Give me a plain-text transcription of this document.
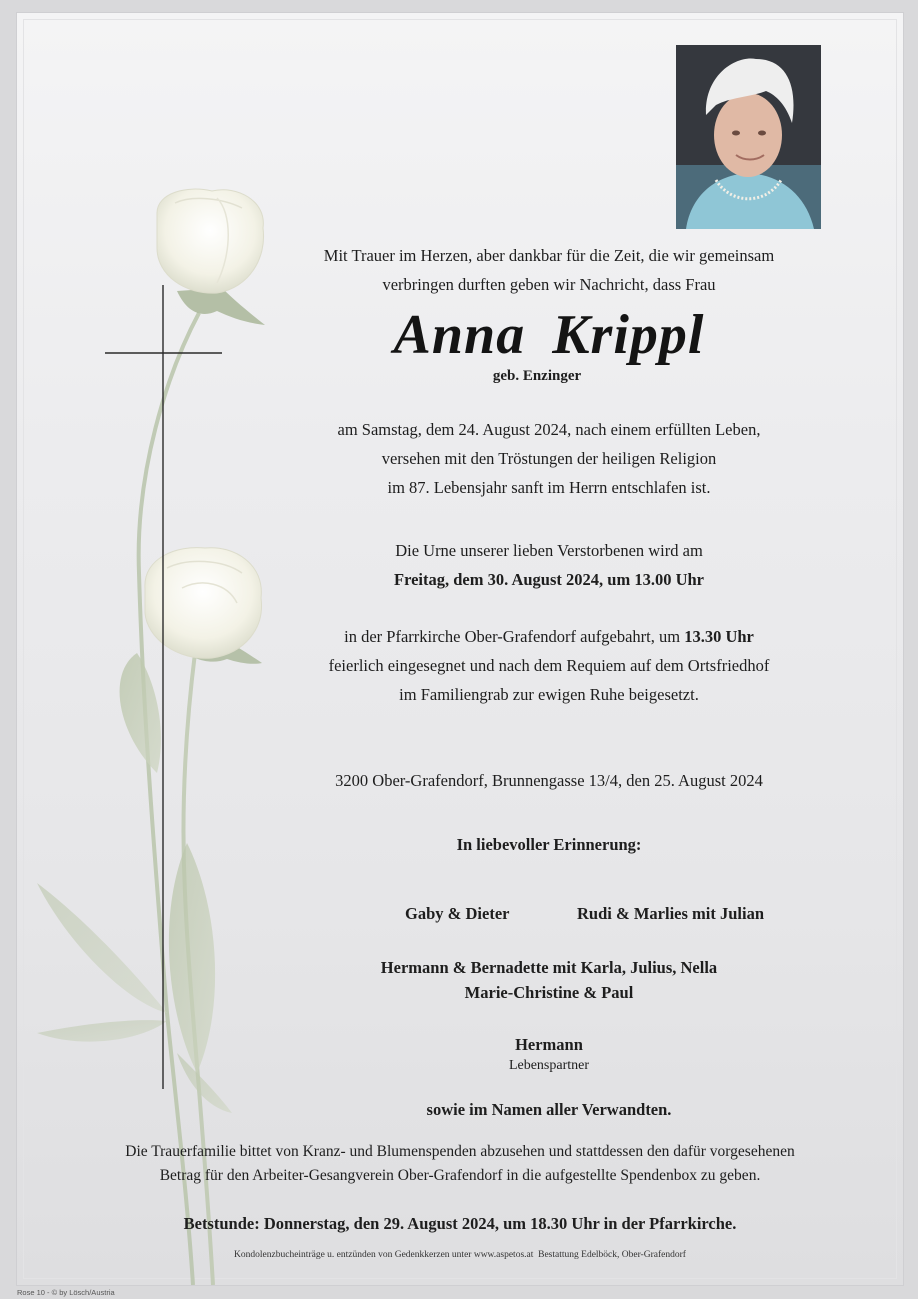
Mit Trauer im Herzen, aber dankbar für die Zeit, die wir gemeinsam

verbringen durften geben wir Nachricht, dass Frau

Anna Krippl
geb. Enzinger

am Samstag, dem 24. August 2024, nach einem erfüllten Leben,

versehen mit den Tröstungen der heiligen Religion

im 87. Lebensjahr sanft im Herrn entschlafen ist.

Die Urne unserer lieben Verstorbenen wird am

Freitag, dem 30. August 2024, um 13.00 Uhr

in der Pfarrkirche Ober-Grafendorf aufgebahrt, um 13.30 Uhr

feierlich eingesegnet und nach dem Requiem auf dem Ortsfriedhof

im Familiengrab zur ewigen Ruhe beigesetzt.

3200 Ober-Grafendorf, Brunnengasse 13/4, den 25. August 2024
In liebevoller Erinnerung:
Gaby & Dieter	Rudi & Marlies mit Julian

Hermann & Bernadette mit Karla, Julius, Nella

Marie-Christine & Paul

Hermann
Lebenspartner
sowie im Namen aller Verwandten.

Die Trauerfamilie bittet von Kranz- und Blumenspenden abzusehen und stattdessen den dafür vorgesehenen

Betrag für den Arbeiter-Gesangverein Ober-Grafendorf in die aufgestellte Spendenbox zu geben.

Betstunde: Donnerstag, den 29. August 2024, um 18.30 Uhr in der Pfarrkirche.
Kondolenzbucheinträge u. entzünden von Gedenkkerzen unter www.aspetos.at Bestattung Edelböck, Ober-Grafendorf
Rose 10 - © by Lösch/Austria
